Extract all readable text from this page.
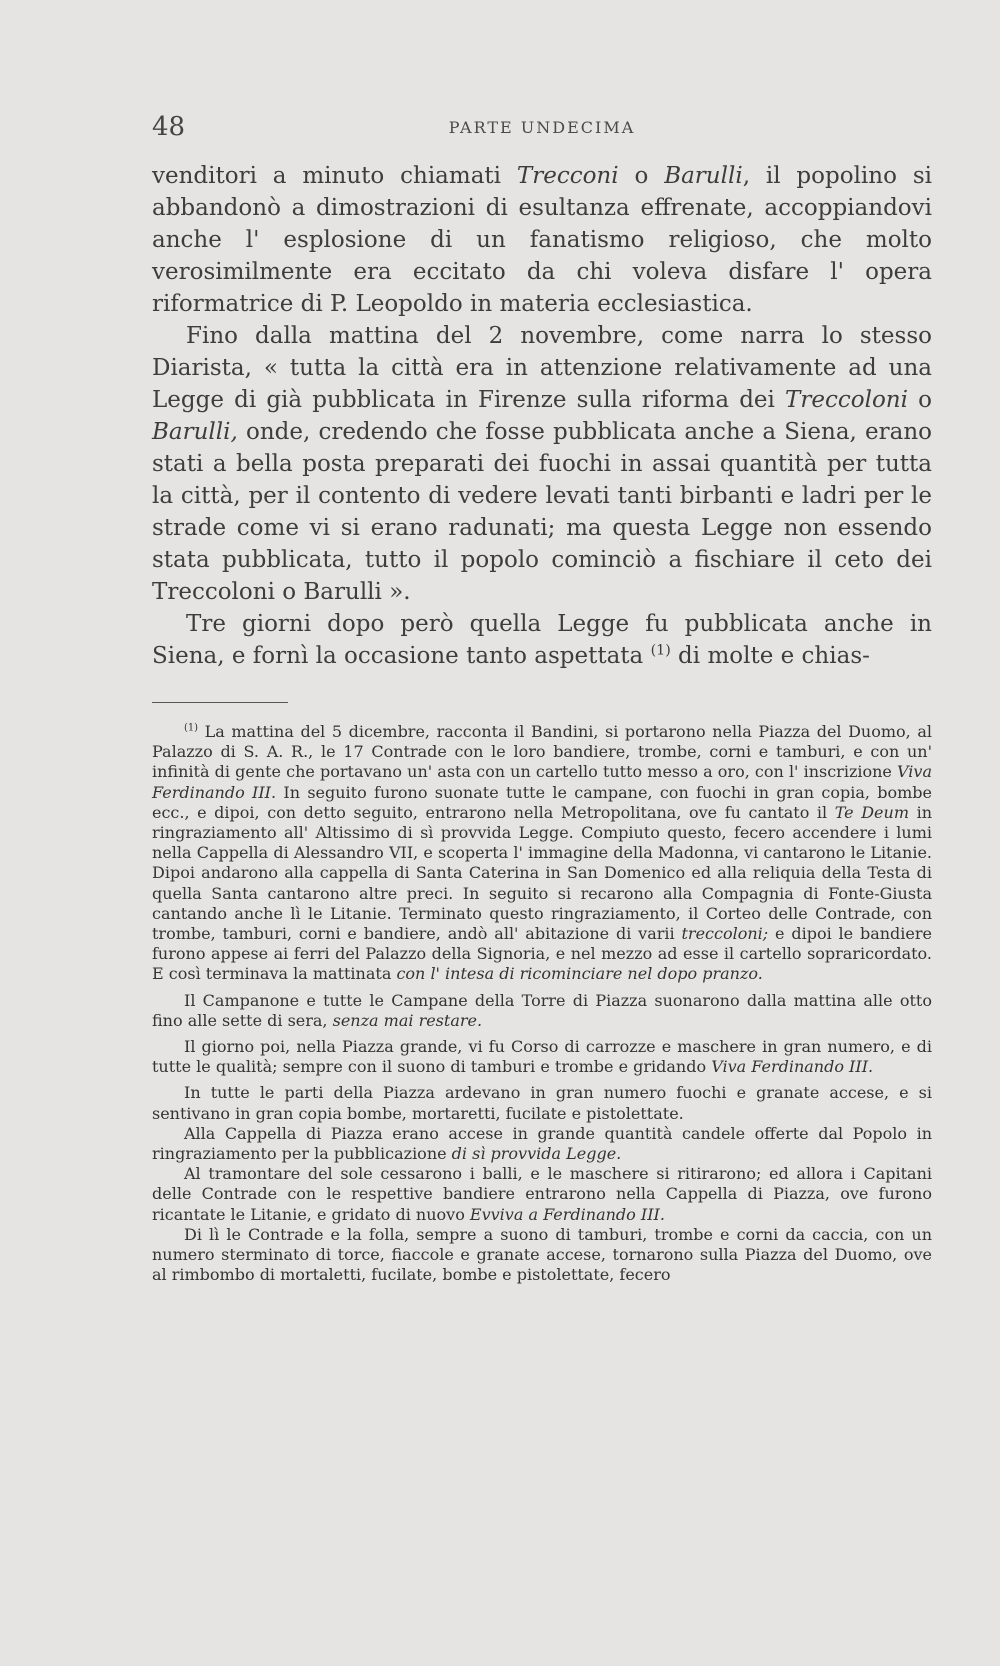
48	PARTE UNDECIMA

venditori a minuto chiamati Trecconi o Barulli, il popolino si abbandonò a dimostrazioni di esultanza effrenate, accoppiandovi anche l' esplosione di un fanatismo religioso, che molto verosimilmente era eccitato da chi voleva disfare l' opera riformatrice di P. Leopoldo in materia ecclesiastica.

Fino dalla mattina del 2 novembre, come narra lo stesso Diarista, « tutta la città era in attenzione relativamente ad una Legge di già pubblicata in Firenze sulla riforma dei Treccoloni o Barulli, onde, credendo che fosse pubblicata anche a Siena, erano stati a bella posta preparati dei fuochi in assai quantità per tutta la città, per il contento di vedere levati tanti birbanti e ladri per le strade come vi si erano radunati; ma questa Legge non essendo stata pubblicata, tutto il popolo cominciò a fischiare il ceto dei Treccoloni o Barulli ».

Tre giorni dopo però quella Legge fu pubblicata anche in Siena, e fornì la occasione tanto aspettata $^{(1)}$ di molte e chias-

$^{(1)}$ La mattina del 5 dicembre, racconta il Bandini, si portarono nella Piazza del Duomo, al Palazzo di S. A. R., le 17 Contrade con le loro bandiere, trombe, corni e tamburi, e con un' infinità di gente che portavano un' asta con un cartello tutto messo a oro, con l' inscrizione Viva Ferdinando III. In seguito furono suonate tutte le campane, con fuochi in gran copia, bombe ecc., e dipoi, con detto seguito, entrarono nella Metropolitana, ove fu cantato il Te Deum in ringraziamento all' Altissimo di sì provvida Legge. Compiuto questo, fecero accendere i lumi nella Cappella di Alessandro VII, e scoperta l' immagine della Madonna, vi cantarono le Litanie. Dipoi andarono alla cappella di Santa Caterina in San Domenico ed alla reliquia della Testa di quella Santa cantarono altre preci. In seguito si recarono alla Compagnia di Fonte-Giusta cantando anche lì le Litanie. Terminato questo ringraziamento, il Corteo delle Contrade, con trombe, tamburi, corni e bandiere, andò all' abitazione di varii treccoloni; e dipoi le bandiere furono appese ai ferri del Palazzo della Signoria, e nel mezzo ad esse il cartello sopraricordato. E così terminava la mattinata con l' intesa di ricominciare nel dopo pranzo.

Il Campanone e tutte le Campane della Torre di Piazza suonarono dalla mattina alle otto fino alle sette di sera, senza mai restare.

Il giorno poi, nella Piazza grande, vi fu Corso di carrozze e maschere in gran numero, e di tutte le qualità; sempre con il suono di tamburi e trombe e gridando Viva Ferdinando III.

In tutte le parti della Piazza ardevano in gran numero fuochi e granate accese, e si sentivano in gran copia bombe, mortaretti, fucilate e pistolettate.

Alla Cappella di Piazza erano accese in grande quantità candele offerte dal Popolo in ringraziamento per la pubblicazione di sì provvida Legge.

Al tramontare del sole cessarono i balli, e le maschere si ritirarono; ed allora i Capitani delle Contrade con le respettive bandiere entrarono nella Cappella di Piazza, ove furono ricantate le Litanie, e gridato di nuovo Evviva a Ferdinando III.

Di lì le Contrade e la folla, sempre a suono di tamburi, trombe e corni da caccia, con un numero sterminato di torce, fiaccole e granate accese, tornarono sulla Piazza del Duomo, ove al rimbombo di mortaletti, fucilate, bombe e pistolettate, fecero
